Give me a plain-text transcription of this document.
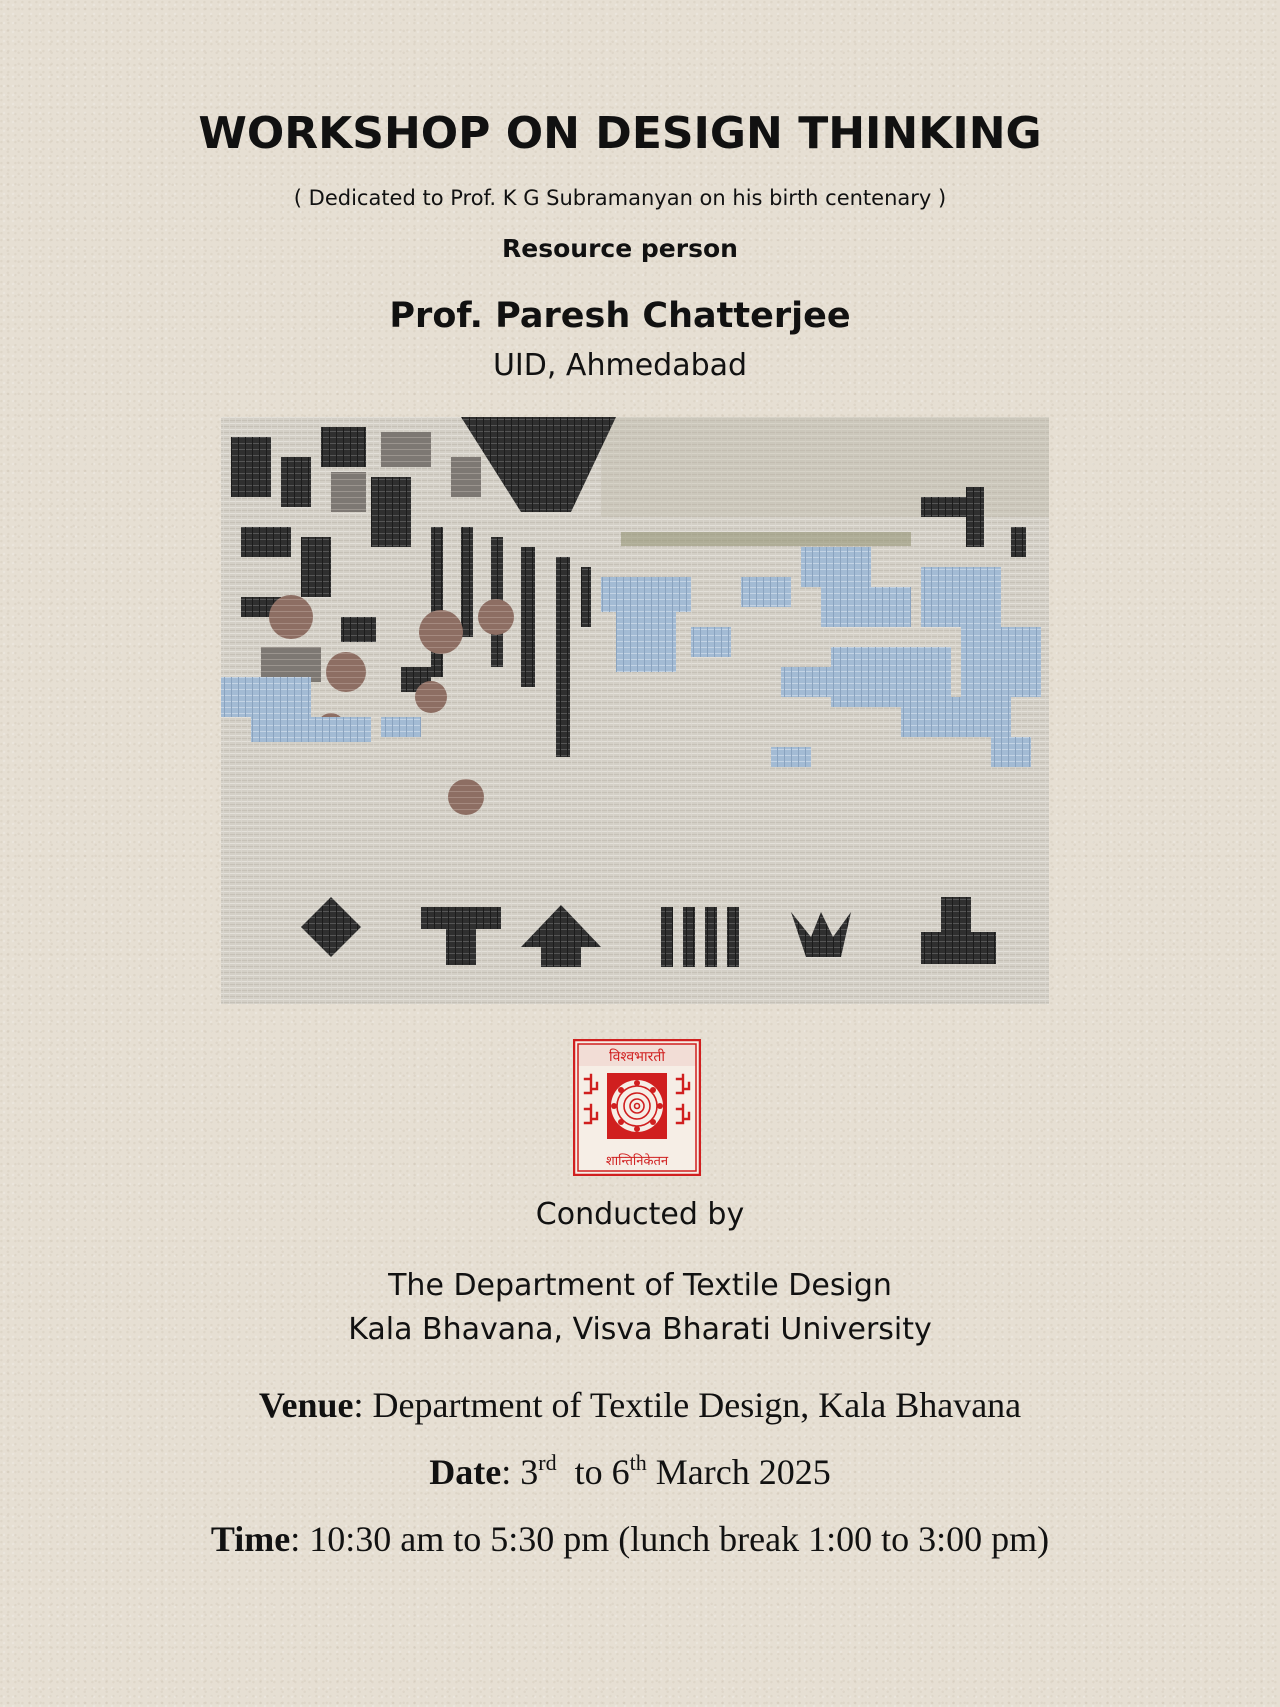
WORKSHOP ON DESIGN THINKING
( Dedicated to Prof. K G Subramanyan on his birth centenary )
Resource person
Prof. Paresh Chatterjee
UID, Ahmedabad
विश्वभारती
शान्तिनिकेतन
Conducted by
The Department of Textile Design
Kala Bhavana, Visva Bharati University
Venue: Department of Textile Design, Kala Bhavana
Date: 3rd  to 6th March 2025
Time: 10:30 am to 5:30 pm (lunch break 1:00 to 3:00 pm)
